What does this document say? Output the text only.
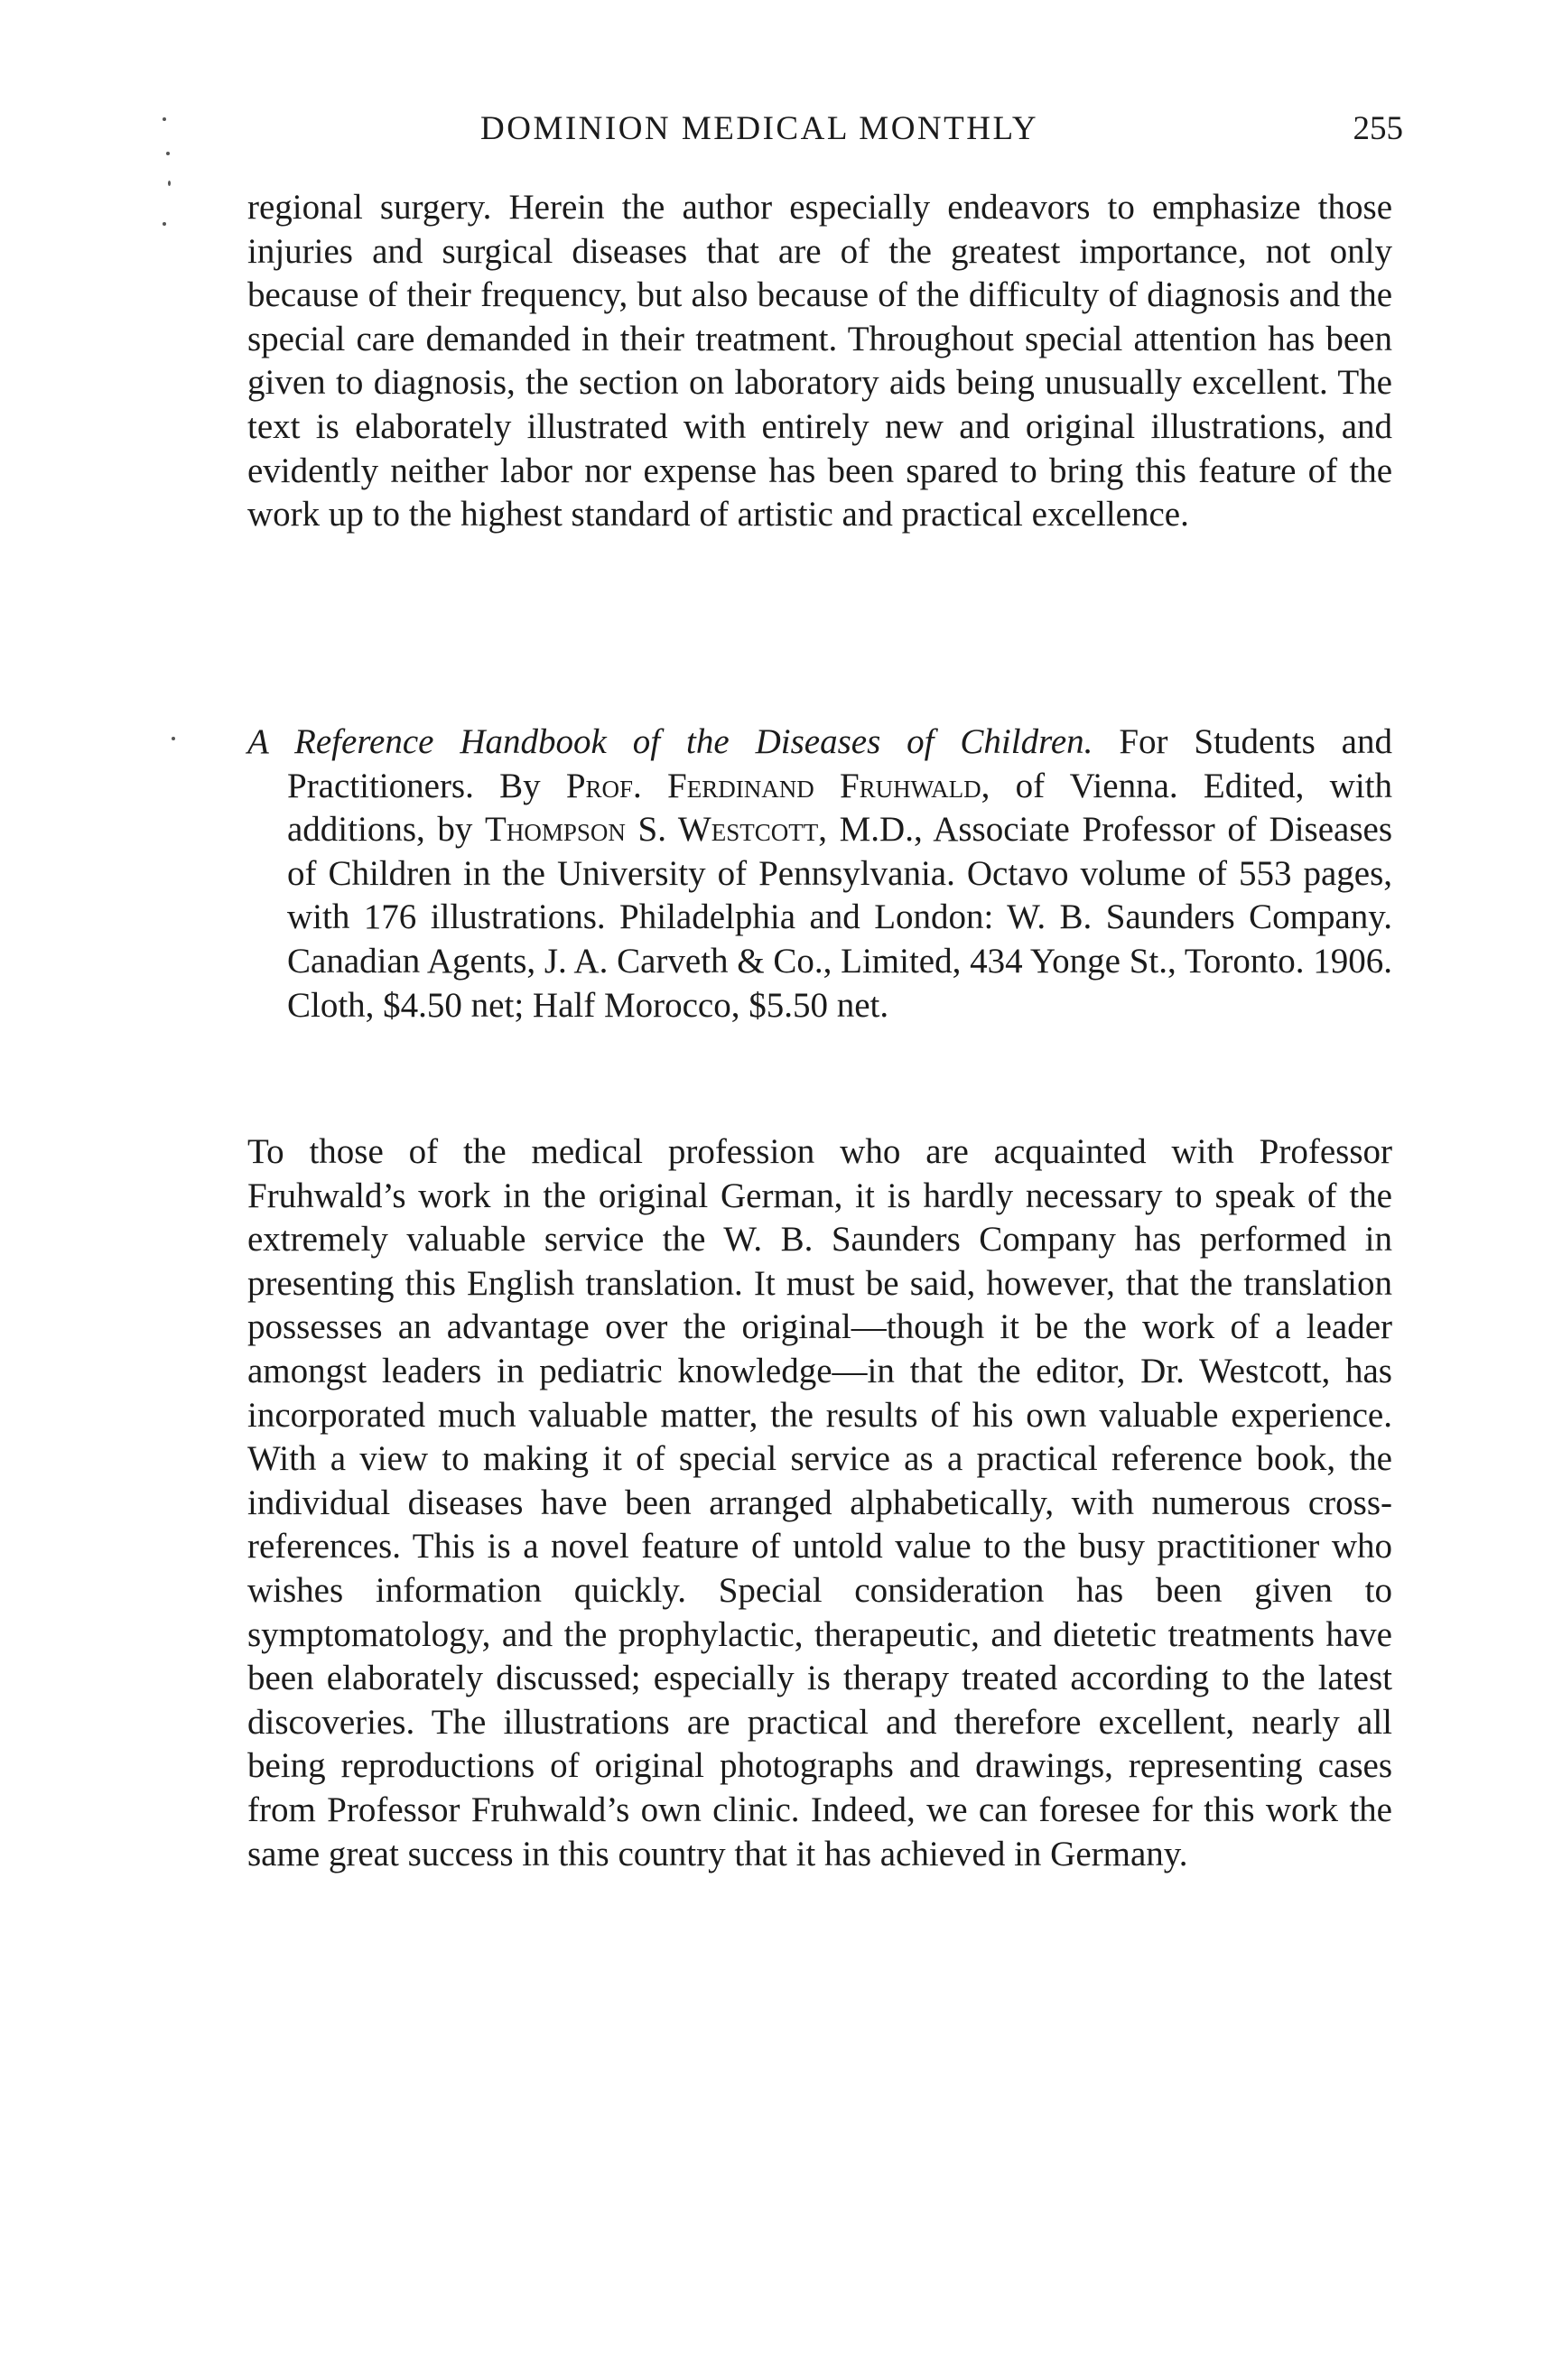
DOMINION MEDICAL MONTHLY	255

regional surgery. Herein the author especially endeavors to emphasize those injuries and surgical diseases that are of the greatest importance, not only because of their frequency, but also because of the difficulty of diagnosis and the special care demanded in their treatment. Throughout special attention has been given to diagnosis, the section on laboratory aids being unusually excellent. The text is elaborately illustrated with entirely new and original illustrations, and evidently neither labor nor expense has been spared to bring this feature of the work up to the highest standard of artistic and practical excellence.

A Reference Handbook of the Diseases of Children. For Students and Practitioners. By Prof. Ferdinand Fruhwald, of Vienna. Edited, with additions, by Thompson S. Westcott, M.D., Associate Professor of Diseases of Children in the University of Pennsylvania. Octavo volume of 553 pages, with 176 illustrations. Philadelphia and London: W. B. Saunders Company. Canadian Agents, J. A. Carveth & Co., Limited, 434 Yonge St., Toronto. 1906. Cloth, $4.50 net; Half Morocco, $5.50 net.

To those of the medical profession who are acquainted with Professor Fruhwald’s work in the original German, it is hardly necessary to speak of the extremely valuable service the W. B. Saunders Company has performed in presenting this English translation. It must be said, however, that the translation possesses an advantage over the original—though it be the work of a leader amongst leaders in pediatric knowledge—in that the editor, Dr. Westcott, has incorporated much valuable matter, the results of his own valuable experience. With a view to making it of special service as a practical reference book, the individual diseases have been arranged alphabetically, with numerous cross-references. This is a novel feature of untold value to the busy practitioner who wishes information quickly. Special consideration has been given to symptomatology, and the prophylactic, therapeutic, and dietetic treatments have been elaborately discussed; especially is therapy treated according to the latest discoveries. The illustrations are practical and therefore excellent, nearly all being reproductions of original photographs and drawings, representing cases from Professor Fruhwald’s own clinic. Indeed, we can foresee for this work the same great success in this country that it has achieved in Germany.
